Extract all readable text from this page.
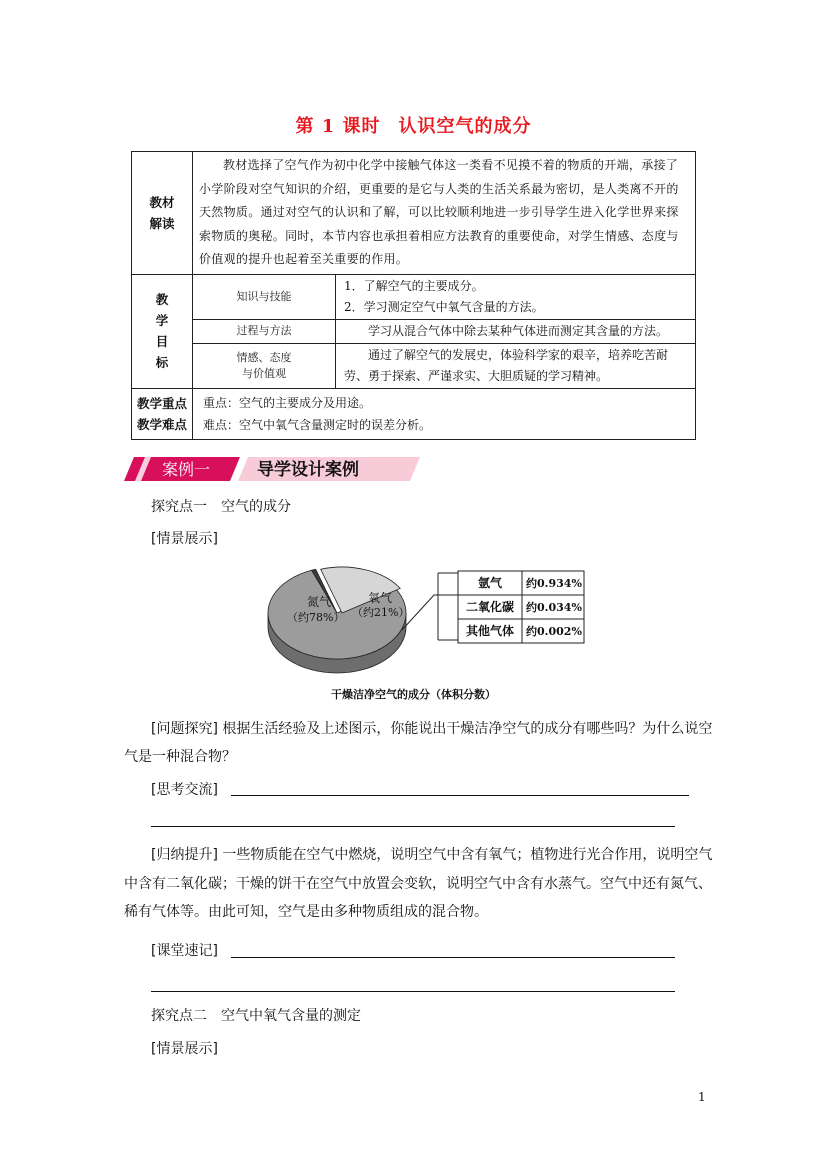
第 1 课时 认识空气的成分
教材
解读	教材选择了空气作为初中化学中接触气体这一类看不见摸不着的物质的开端，承接了小学阶段对空气知识的介绍，更重要的是它与人类的生活关系最为密切，是人类离不开的天然物质。通过对空气的认识和了解，可以比较顺利地进一步引导学生进入化学世界来探索物质的奥秘。同时，本节内容也承担着相应方法教育的重要使命，对学生情感、态度与价值观的提升也起着至关重要的作用。	
教
学
目
标	知识与技能	1．了解空气的主要成分。
2．学习测定空气中氧气含量的方法。

	过程与方法	学习从混合气体中除去某种气体进而测定其含量的方法。
	情感、态度
与价值观	通过了解空气的发展史，体验科学家的艰辛，培养吃苦耐劳、勇于探索、严谨求实、大胆质疑的学习精神。
教学重点
教学难点	重点：空气的主要成分及用途。
难点：空气中氧气含量测定时的误差分析。	
案例一	导学设计案例
探究点一　空气的成分
[情景展示]
氮气
（约78%）
氧气
（约21%）
氩气 约0.934%
二氧化碳 约0.034%
其他气体 约0.002%
干燥洁净空气的成分（体积分数）

[问题探究] 根据生活经验及上述图示，你能说出干燥洁净空气的成分有哪些吗？为什么说空气是一种混合物？

[思考交流]

[归纳提升] 一些物质能在空气中燃烧，说明空气中含有氧气；植物进行光合作用，说明空气中含有二氧化碳；干燥的饼干在空气中放置会变软，说明空气中含有水蒸气。空气中还有氮气、稀有气体等。由此可知，空气是由多种物质组成的混合物。

[课堂速记]
探究点二　空气中氧气含量的测定
[情景展示]
1
